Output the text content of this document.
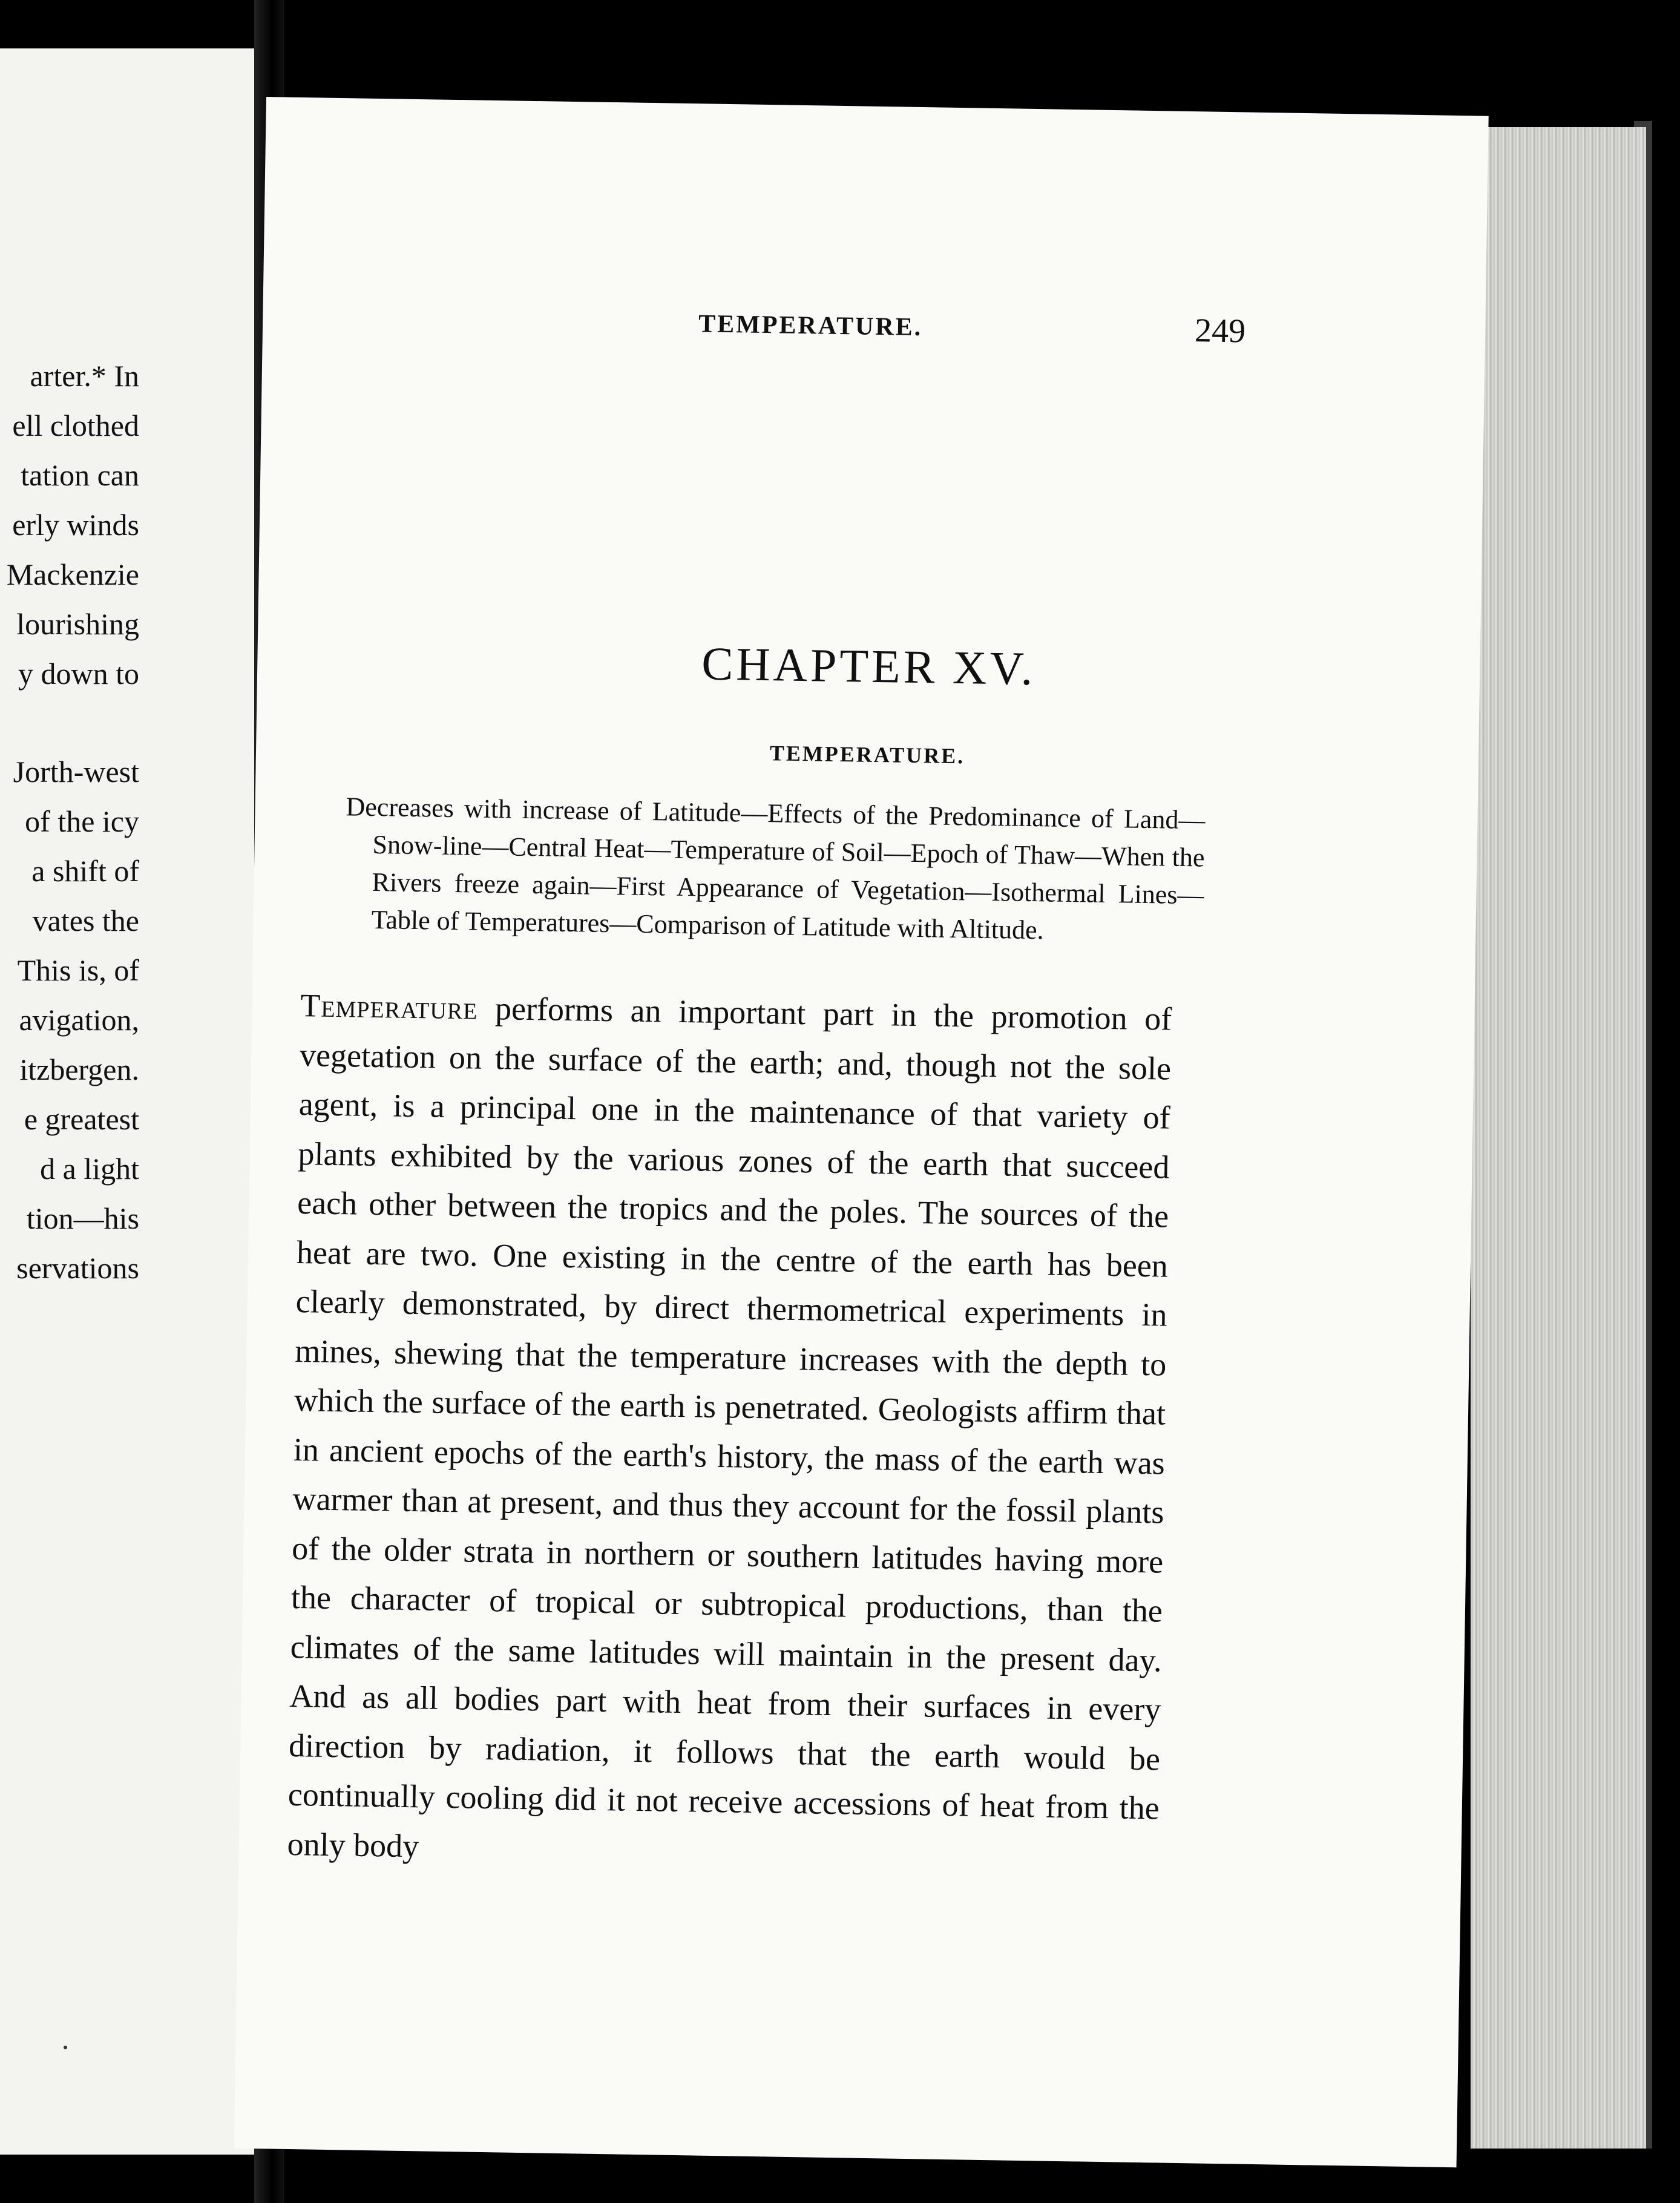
arter.* In
ell clothed
tation can
erly winds
Mackenzie
lourishing
y down to
Jorth-west
of the icy
a shift of
vates the
This is, of
avigation,
itzbergen.
e greatest
d a light
tion—his
servations
TEMPERATURE.	249
CHAPTER XV.
TEMPERATURE.
Decreases with increase of Latitude—Effects of the Predominance of Land—Snow-line—Central Heat—Temperature of Soil—Epoch of Thaw—When the Rivers freeze again—First Appearance of Vegetation—Isothermal Lines—Table of Temperatures—Comparison of Latitude with Altitude.
Temperature performs an important part in the promotion of vegetation on the surface of the earth; and, though not the sole agent, is a principal one in the maintenance of that variety of plants exhibited by the various zones of the earth that succeed each other between the tropics and the poles. The sources of the heat are two. One existing in the centre of the earth has been clearly demonstrated, by direct thermometrical experiments in mines, shewing that the temperature increases with the depth to which the surface of the earth is penetrated. Geologists affirm that in ancient epochs of the earth's history, the mass of the earth was warmer than at present, and thus they account for the fossil plants of the older strata in northern or southern latitudes having more the character of tropical or subtropical productions, than the climates of the same latitudes will maintain in the present day. And as all bodies part with heat from their surfaces in every direction by radiation, it follows that the earth would be continually cooling did it not receive accessions of heat from the only body
